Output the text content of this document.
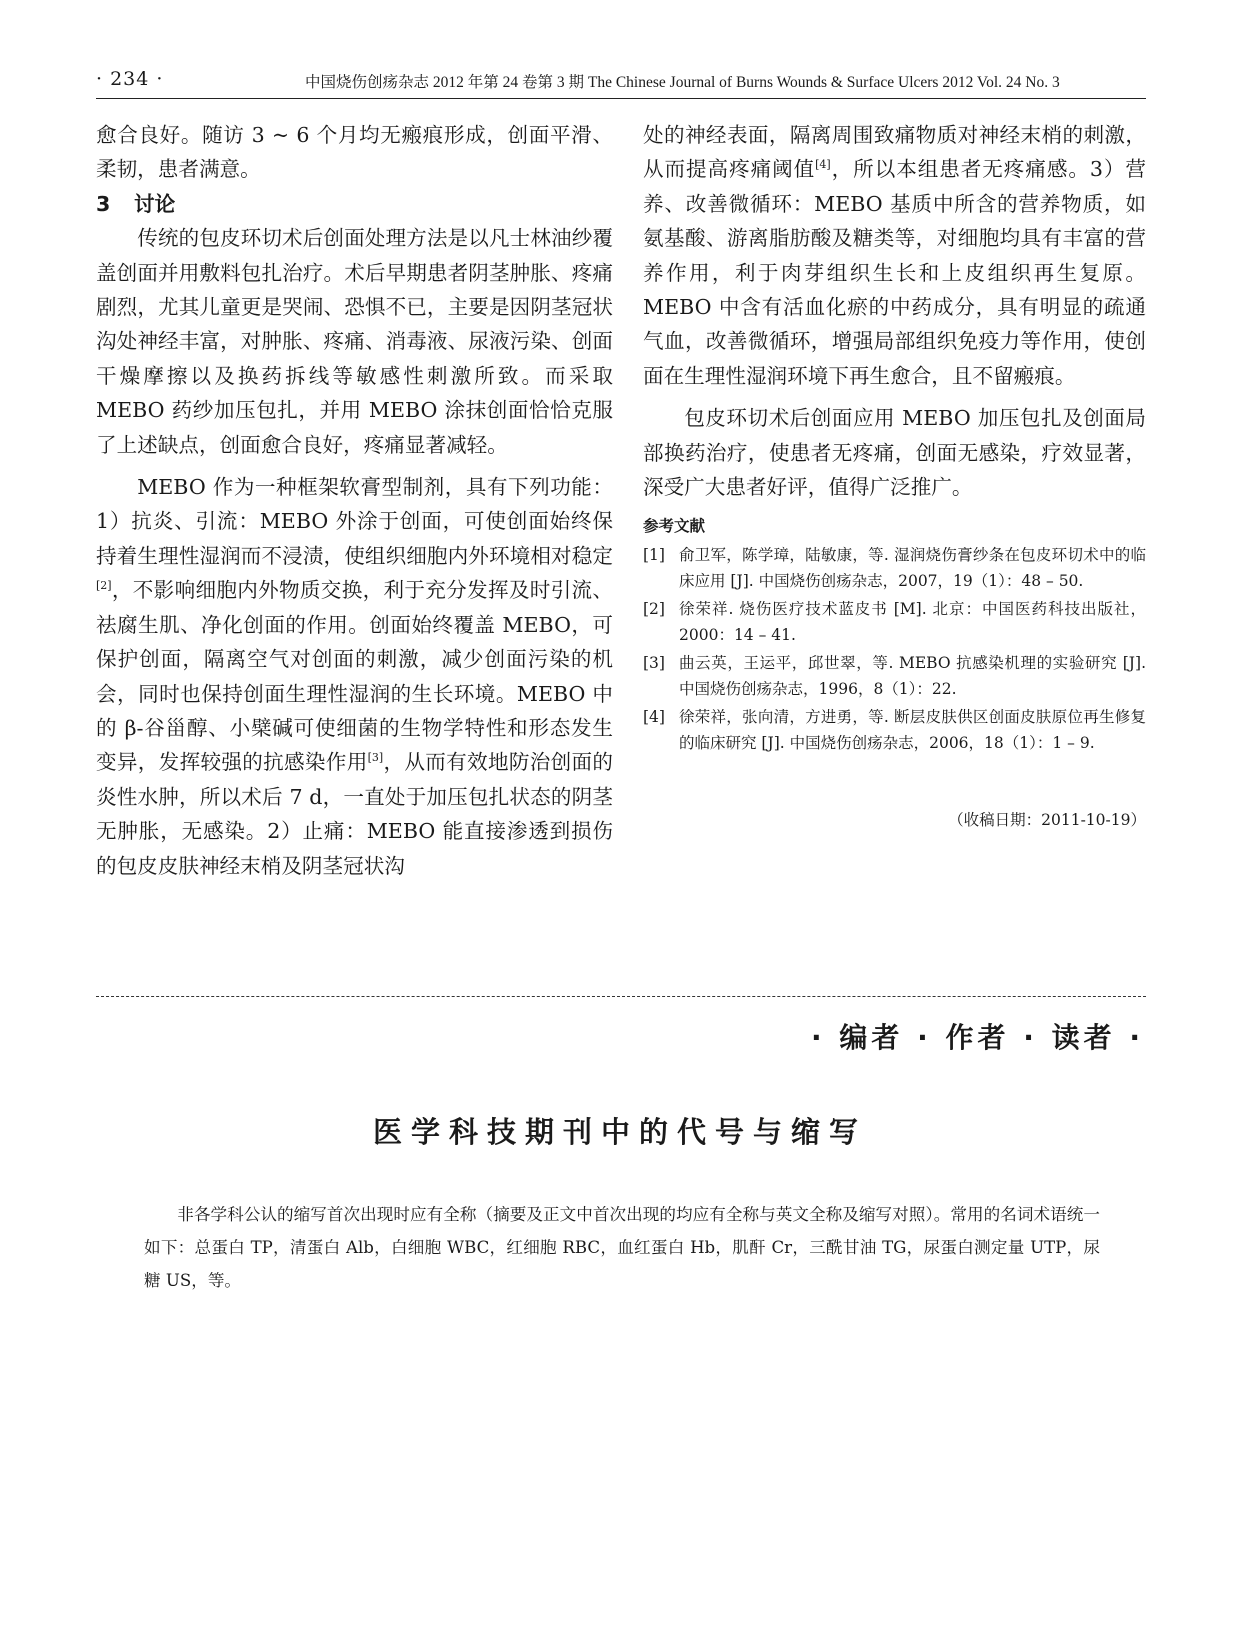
· 234 ·	中国烧伤创疡杂志 2012 年第 24 卷第 3 期 The Chinese Journal of Burns Wounds & Surface Ulcers 2012 Vol. 24 No. 3

愈合良好。随访 3 ~ 6 个月均无瘢痕形成，创面平滑、柔韧，患者满意。

3 讨论

传统的包皮环切术后创面处理方法是以凡士林油纱覆盖创面并用敷料包扎治疗。术后早期患者阴茎肿胀、疼痛剧烈，尤其儿童更是哭闹、恐惧不已，主要是因阴茎冠状沟处神经丰富，对肿胀、疼痛、消毒液、尿液污染、创面干燥摩擦以及换药拆线等敏感性刺激所致。而采取 MEBO 药纱加压包扎，并用 MEBO 涂抹创面恰恰克服了上述缺点，创面愈合良好，疼痛显著减轻。

MEBO 作为一种框架软膏型制剂，具有下列功能：1）抗炎、引流：MEBO 外涂于创面，可使创面始终保持着生理性湿润而不浸渍，使组织细胞内外环境相对稳定[2]，不影响细胞内外物质交换，利于充分发挥及时引流、祛腐生肌、净化创面的作用。创面始终覆盖 MEBO，可保护创面，隔离空气对创面的刺激，减少创面污染的机会，同时也保持创面生理性湿润的生长环境。MEBO 中的 β-谷甾醇、小檗碱可使细菌的生物学特性和形态发生变异，发挥较强的抗感染作用[3]，从而有效地防治创面的炎性水肿，所以术后 7 d，一直处于加压包扎状态的阴茎无肿胀，无感染。2）止痛：MEBO 能直接渗透到损伤的包皮皮肤神经末梢及阴茎冠状沟

处的神经表面，隔离周围致痛物质对神经末梢的刺激，从而提高疼痛阈值[4]，所以本组患者无疼痛感。3）营养、改善微循环：MEBO 基质中所含的营养物质，如氨基酸、游离脂肪酸及糖类等，对细胞均具有丰富的营养作用，利于肉芽组织生长和上皮组织再生复原。MEBO 中含有活血化瘀的中药成分，具有明显的疏通气血，改善微循环，增强局部组织免疫力等作用，使创面在生理性湿润环境下再生愈合，且不留瘢痕。

包皮环切术后创面应用 MEBO 加压包扎及创面局部换药治疗，使患者无疼痛，创面无感染，疗效显著，深受广大患者好评，值得广泛推广。

参考文献

[1] 俞卫军，陈学璋，陆敏康，等. 湿润烧伤膏纱条在包皮环切术中的临床应用 [J]. 中国烧伤创疡杂志，2007，19（1）：48 – 50.

[2] 徐荣祥. 烧伤医疗技术蓝皮书 [M]. 北京：中国医药科技出版社，2000：14 – 41.

[3] 曲云英，王运平，邱世翠，等. MEBO 抗感染机理的实验研究 [J]. 中国烧伤创疡杂志，1996，8（1）：22.

[4] 徐荣祥，张向清，方进勇，等. 断层皮肤供区创面皮肤原位再生修复的临床研究 [J]. 中国烧伤创疡杂志，2006，18（1）：1 – 9.

（收稿日期：2011-10-19）

· 编者 · 作者 · 读者 ·
医学科技期刊中的代号与缩写

非各学科公认的缩写首次出现时应有全称（摘要及正文中首次出现的均应有全称与英文全称及缩写对照）。常用的名词术语统一如下：总蛋白 TP，清蛋白 Alb，白细胞 WBC，红细胞 RBC，血红蛋白 Hb，肌酐 Cr，三酰甘油 TG，尿蛋白测定量 UTP，尿糖 US，等。
